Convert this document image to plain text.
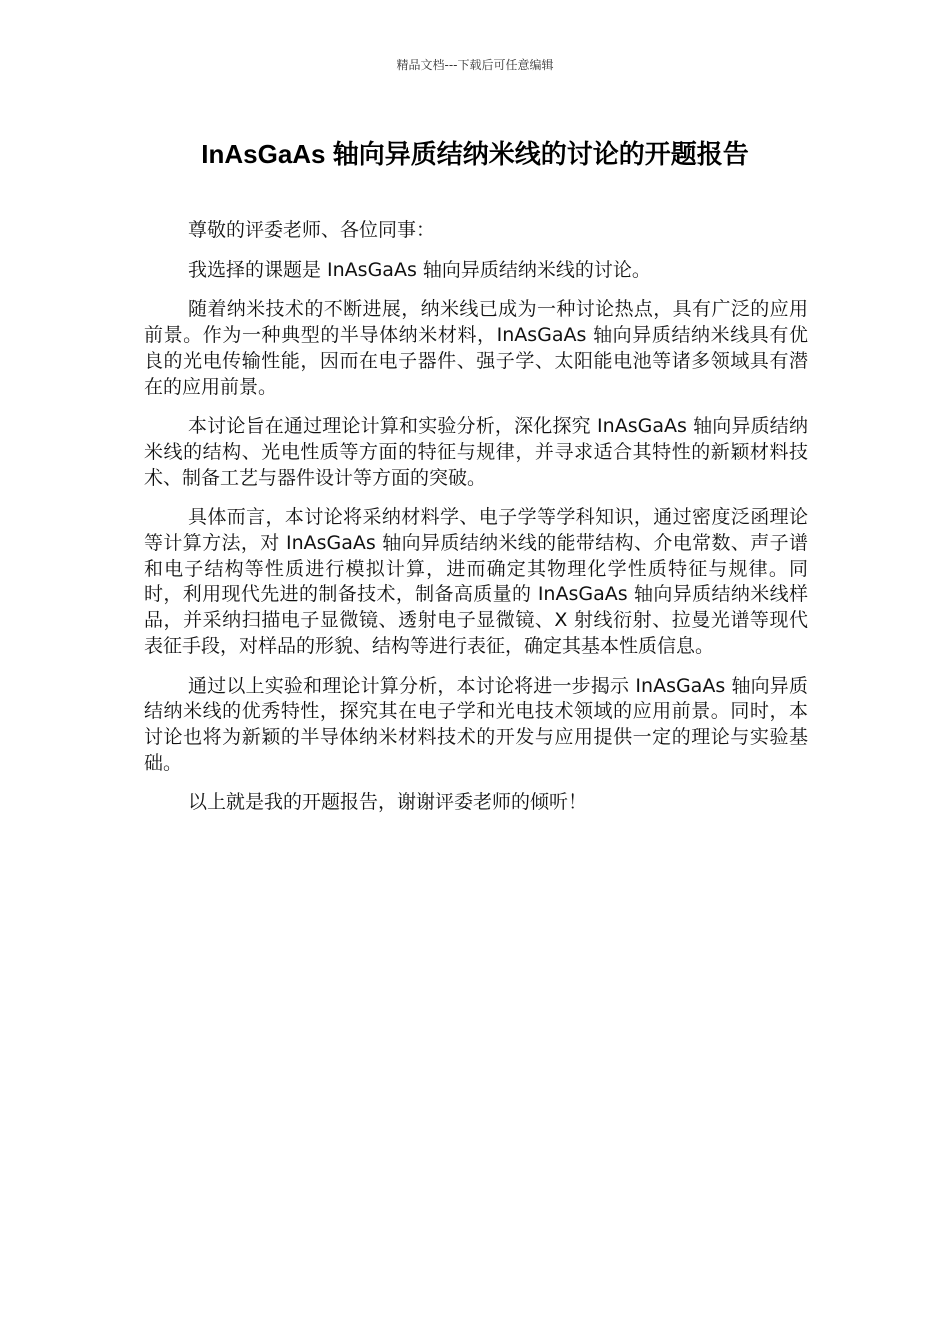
精品文档---下载后可任意编辑
InAsGaAs 轴向异质结纳米线的讨论的开题报告

尊敬的评委老师、各位同事：

我选择的课题是 InAsGaAs 轴向异质结纳米线的讨论。

随着纳米技术的不断进展，纳米线已成为一种讨论热点，具有广泛的应用前景。作为一种典型的半导体纳米材料，InAsGaAs 轴向异质结纳米线具有优良的光电传输性能，因而在电子器件、强子学、太阳能电池等诸多领域具有潜在的应用前景。

本讨论旨在通过理论计算和实验分析，深化探究 InAsGaAs 轴向异质结纳米线的结构、光电性质等方面的特征与规律，并寻求适合其特性的新颖材料技术、制备工艺与器件设计等方面的突破。

具体而言，本讨论将采纳材料学、电子学等学科知识，通过密度泛函理论等计算方法，对 InAsGaAs 轴向异质结纳米线的能带结构、介电常数、声子谱和电子结构等性质进行模拟计算，进而确定其物理化学性质特征与规律。同时，利用现代先进的制备技术，制备高质量的 InAsGaAs 轴向异质结纳米线样品，并采纳扫描电子显微镜、透射电子显微镜、X 射线衍射、拉曼光谱等现代表征手段，对样品的形貌、结构等进行表征，确定其基本性质信息。

通过以上实验和理论计算分析，本讨论将进一步揭示 InAsGaAs 轴向异质结纳米线的优秀特性，探究其在电子学和光电技术领域的应用前景。同时，本讨论也将为新颖的半导体纳米材料技术的开发与应用提供一定的理论与实验基础。

以上就是我的开题报告，谢谢评委老师的倾听！
